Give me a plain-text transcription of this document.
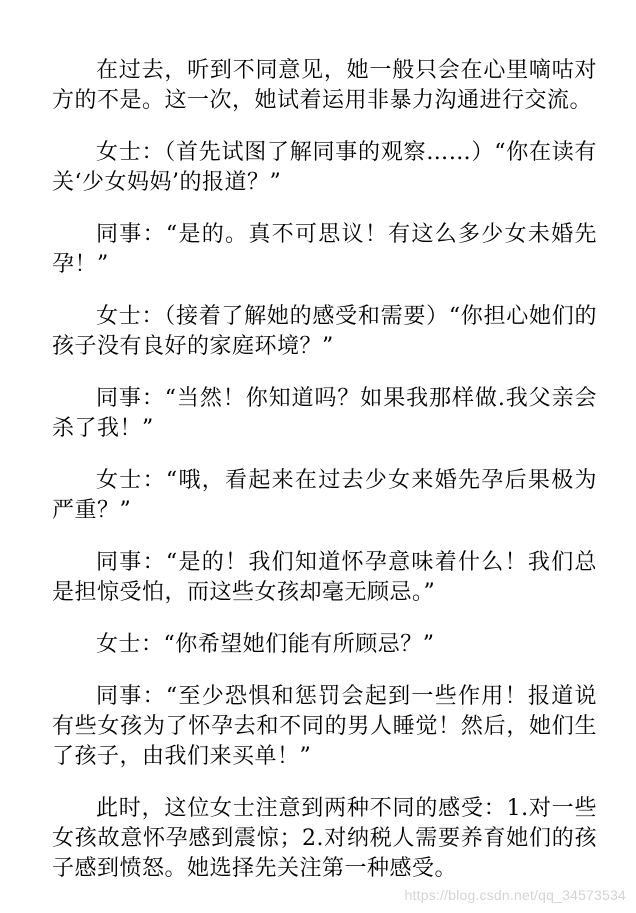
在过去，听到不同意见，她一般只会在心里嘀咕对方的不是。这一次，她试着运用非暴力沟通进行交流。

女士：（首先试图了解同事的观察……）“你在读有关‘少女妈妈’的报道？”

同事：“是的。真不可思议！有这么多少女未婚先孕！”

女士：（接着了解她的感受和需要）“你担心她们的孩子没有良好的家庭环境？”

同事：“当然！你知道吗？如果我那样做.我父亲会杀了我！”

女士：“哦，看起来在过去少女来婚先孕后果极为严重？”

同事：“是的！我们知道怀孕意味着什么！我们总是担惊受怕，而这些女孩却毫无顾忌。”

女士：“你希望她们能有所顾忌？”

同事：“至少恐惧和惩罚会起到一些作用！报道说有些女孩为了怀孕去和不同的男人睡觉！然后，她们生了孩子，由我们来买单！”

此时，这位女士注意到两种不同的感受：1.对一些女孩故意怀孕感到震惊；2.对纳税人需要养育她们的孩子感到愤怒。她选择先关注第一种感受。

https://blog.csdn.net/qq_34573534
